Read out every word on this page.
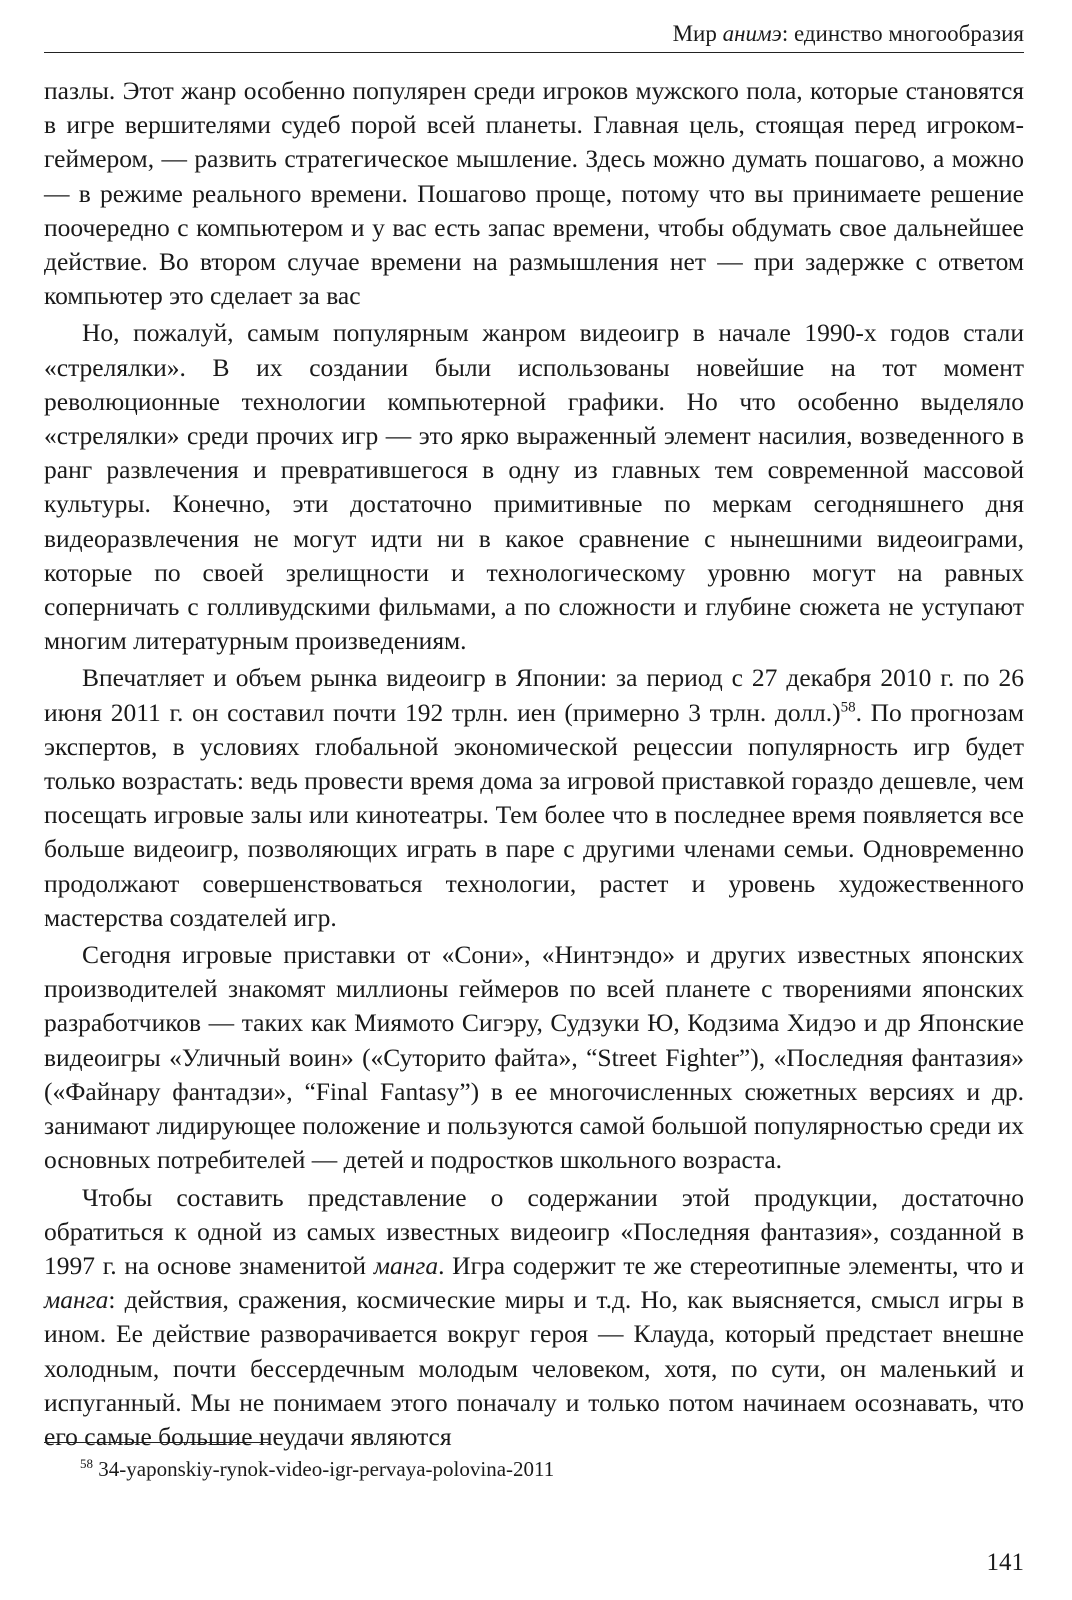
Мир анимэ: единство многообразия

пазлы. Этот жанр особенно популярен среди игроков мужского пола, которые становятся в игре вершителями судеб порой всей планеты. Главная цель, стоящая перед игроком-геймером, — развить стратегическое мышление. Здесь можно думать пошагово, а можно — в режиме реального времени. Пошагово проще, потому что вы принимаете решение поочередно с компьютером и у вас есть запас времени, чтобы обдумать свое дальнейшее действие. Во втором случае времени на размышления нет — при задержке с ответом компьютер это сделает за вас

Но, пожалуй, самым популярным жанром видеоигр в начале 1990-х годов стали «стрелялки». В их создании были использованы новейшие на тот момент революционные технологии компьютерной графики. Но что особенно выделяло «стрелялки» среди прочих игр — это ярко выраженный элемент насилия, возведенного в ранг развлечения и превратившегося в одну из главных тем современной массовой культуры. Конечно, эти достаточно примитивные по меркам сегодняшнего дня видеоразвлечения не могут идти ни в какое сравнение с нынешними видеоиграми, которые по своей зрелищности и технологическому уровню могут на равных соперничать с голливудскими фильмами, а по сложности и глубине сюжета не уступают многим литературным произведениям.

Впечатляет и объем рынка видеоигр в Японии: за период с 27 декабря 2010 г. по 26 июня 2011 г. он составил почти 192 трлн. иен (примерно 3 трлн. долл.)$^{58}$. По прогнозам экспертов, в условиях глобальной экономической рецессии популярность игр будет только возрастать: ведь провести время дома за игровой приставкой гораздо дешевле, чем посещать игровые залы или кинотеатры. Тем более что в последнее время появляется все больше видеоигр, позволяющих играть в паре с другими членами семьи. Одновременно продолжают совершенствоваться технологии, растет и уровень художественного мастерства создателей игр.

Сегодня игровые приставки от «Сони», «Нинтэндо» и других известных японских производителей знакомят миллионы геймеров по всей планете с творениями японских разработчиков — таких как Миямото Сигэру, Судзуки Ю, Кодзима Хидэо и др Японские видеоигры «Уличный воин» («Суторито файта», “Street Fighter”), «Последняя фантазия» («Файнару фантадзи», “Final Fantasy”) в ее многочисленных сюжетных версиях и др. занимают лидирующее положение и пользуются самой большой популярностью среди их основных потребителей — детей и подростков школьного возраста.

Чтобы составить представление о содержании этой продукции, достаточно обратиться к одной из самых известных видеоигр «Последняя фантазия», созданной в 1997 г. на основе знаменитой манга. Игра содержит те же стереотипные элементы, что и манга: действия, сражения, космические миры и т.д. Но, как выясняется, смысл игры в ином. Ее действие разворачивается вокруг героя — Клауда, который предстает внешне холодным, почти бессердечным молодым человеком, хотя, по сути, он маленький и испуганный. Мы не понимаем этого поначалу и только потом начинаем осознавать, что его самые большие неудачи являются

$^{58}$ 34-yaponskiy-rynok-video-igr-pervaya-polovina-2011
141
